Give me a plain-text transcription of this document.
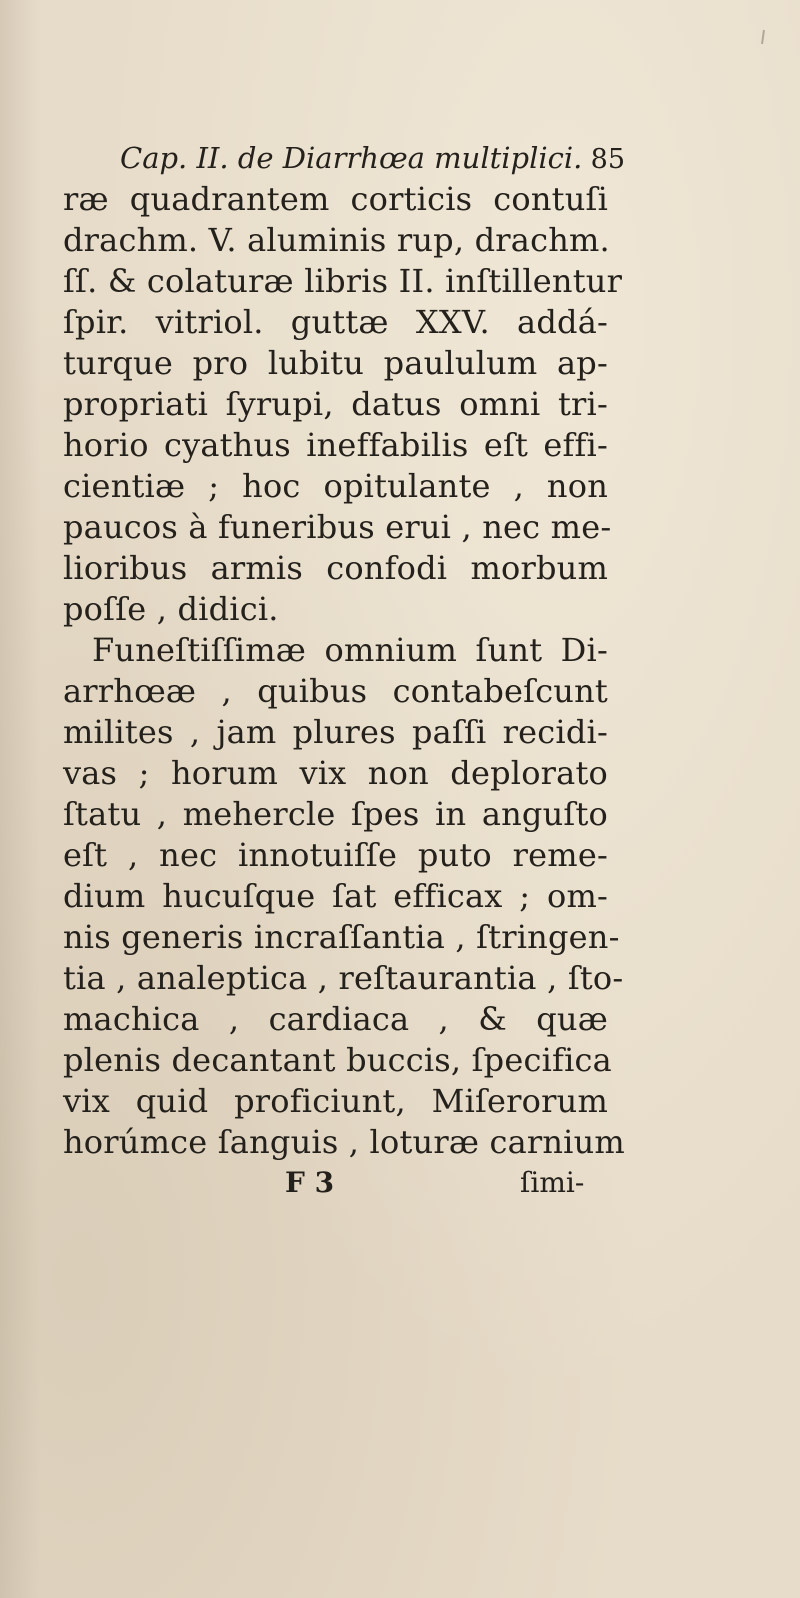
Cap. II. de Diarrhœa multiplici. 85
ræ quadrantem corticis contuſi
drachm. V. aluminis rup, drachm.
ſſ. & colaturæ libris II. inſtillentur
ſpir. vitriol. guttæ XXV. addá-
turque pro lubitu paululum ap-
propriati ſyrupi, datus omni tri-
horio cyathus ineffabilis eſt effi-
cientiæ ; hoc opitulante , non
paucos à funeribus erui , nec me-
lioribus armis confodi morbum
poſſe , didici.
Funeſtiſſimæ omnium ſunt Di-
arrhœæ , quibus contabeſcunt
milites , jam plures paſſi recidi-
vas ; horum vix non deplorato
ſtatu , mehercle ſpes in anguſto
eſt , nec innotuiſſe puto reme-
dium hucuſque ſat efficax ; om-
nis generis incraſſantia , ſtringen-
tia , analeptica , reſtaurantia , ſto-
machica , cardiaca , & quæ
plenis decantant buccis, ſpecifica
vix quid proficiunt, Miſerorum
horúmce ſanguis , loturæ carnium
F 3	ſimi-
